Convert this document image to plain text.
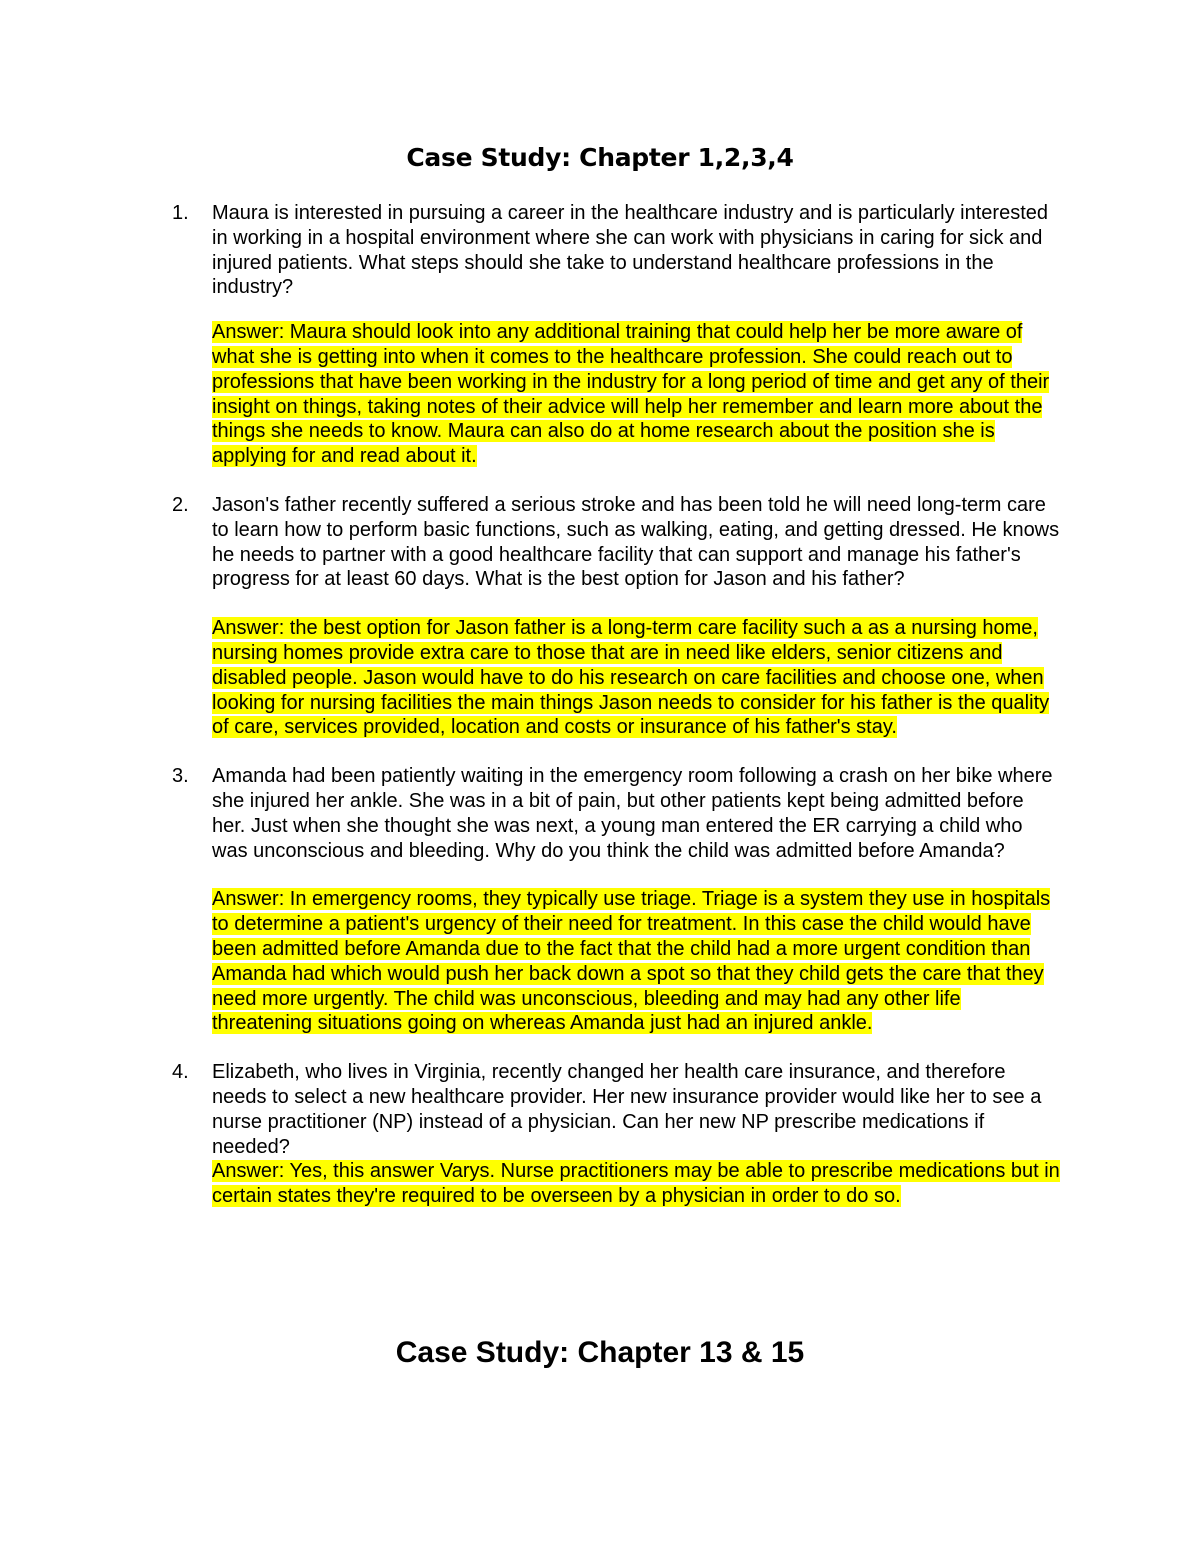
Case Study: Chapter 1,2,3,4
1. Maura is interested in pursuing a career in the healthcare industry and is particularly interested in working in a hospital environment where she can work with physicians in caring for sick and injured patients. What steps should she take to understand healthcare professions in the industry?

Answer: Maura should look into any additional training that could help her be more aware of what she is getting into when it comes to the healthcare profession. She could reach out to professions that have been working in the industry for a long period of time and get any of their insight on things, taking notes of their advice will help her remember and learn more about the things she needs to know. Maura can also do at home research about the position she is applying for and read about it.

2. Jason's father recently suffered a serious stroke and has been told he will need long-term care to learn how to perform basic functions, such as walking, eating, and getting dressed. He knows he needs to partner with a good healthcare facility that can support and manage his father's progress for at least 60 days. What is the best option for Jason and his father?

Answer: the best option for Jason father is a long-term care facility such a as a nursing home, nursing homes provide extra care to those that are in need like elders, senior citizens and disabled people. Jason would have to do his research on care facilities and choose one, when looking for nursing facilities the main things Jason needs to consider for his father is the quality of care, services provided, location and costs or insurance of his father's stay.

3. Amanda had been patiently waiting in the emergency room following a crash on her bike where she injured her ankle. She was in a bit of pain, but other patients kept being admitted before her. Just when she thought she was next, a young man entered the ER carrying a child who was unconscious and bleeding. Why do you think the child was admitted before Amanda?

Answer: In emergency rooms, they typically use triage. Triage is a system they use in hospitals to determine a patient's urgency of their need for treatment. In this case the child would have been admitted before Amanda due to the fact that the child had a more urgent condition than Amanda had which would push her back down a spot so that they child gets the care that they need more urgently. The child was unconscious, bleeding and may had any other life threatening situations going on whereas Amanda just had an injured ankle.

4. Elizabeth, who lives in Virginia, recently changed her health care insurance, and therefore needs to select a new healthcare provider. Her new insurance provider would like her to see a nurse practitioner (NP) instead of a physician. Can her new NP prescribe medications if needed?

Answer: Yes, this answer Varys. Nurse practitioners may be able to prescribe medications but in certain states they're required to be overseen by a physician in order to do so.

Case Study: Chapter 13 & 15
